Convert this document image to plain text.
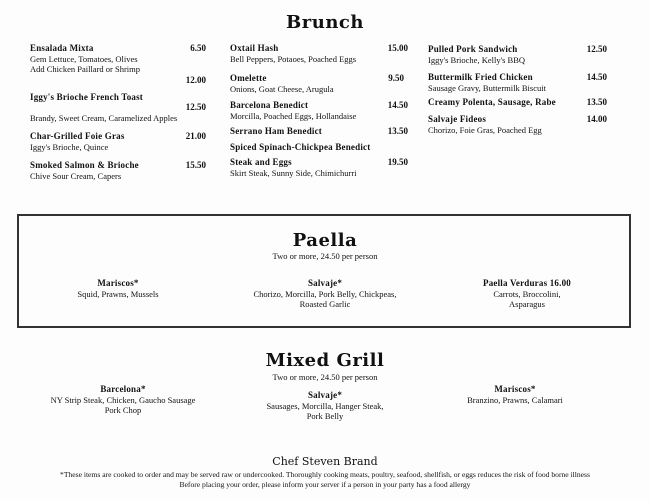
Brunch
Ensalada Mixta	6.50
Gem Lettuce, Tomatoes, Olives
Add Chicken Paillard or Shrimp
12.00
Iggy's Brioche French Toast
12.50
Brandy, Sweet Cream, Caramelized Apples
Char-Grilled Foie Gras	21.00
Iggy's Brioche, Quince
Smoked Salmon & Brioche	15.50
Chive Sour Cream, Capers
Oxtail Hash	15.00
Bell Peppers, Potaoes, Poached Eggs
Omelette	9.50
Onions, Goat Cheese, Arugula
Barcelona Benedict	14.50
Morcilla, Poached Eggs, Hollandaise
Serrano Ham Benedict	13.50
Spiced Spinach-Chickpea Benedict
Steak and Eggs	19.50
Skirt Steak, Sunny Side, Chimichurri
Pulled Pork Sandwich	12.50
Iggy's Brioche, Kelly's BBQ
Buttermilk Fried Chicken	14.50
Sausage Gravy, Buttermilk Biscuit
Creamy Polenta, Sausage, Rabe	13.50
Salvaje Fideos	14.00
Chorizo, Foie Gras, Poached Egg
Paella
Two or more, 24.50 per person
Mariscos*
Squid, Prawns, Mussels
Salvaje*
Chorizo, Morcilla, Pork Belly, Chickpeas,
Roasted Garlic
Paella Verduras 16.00
Carrots, Broccolini,
Asparagus
Mixed Grill
Two or more, 24.50 per person
Barcelona*
NY Strip Steak, Chicken, Gaucho Sausage
Pork Chop
Salvaje*
Sausages, Morcilla, Hanger Steak,
Pork Belly
Mariscos*
Branzino, Prawns, Calamari
Chef Steven Brand
*These items are cooked to order and may be served raw or undercooked. Thoroughly cooking meats, poultry, seafood, shellfish, or eggs reduces the risk of food borne illness
Before placing your order, please inform your server if a person in your party has a food allergy
